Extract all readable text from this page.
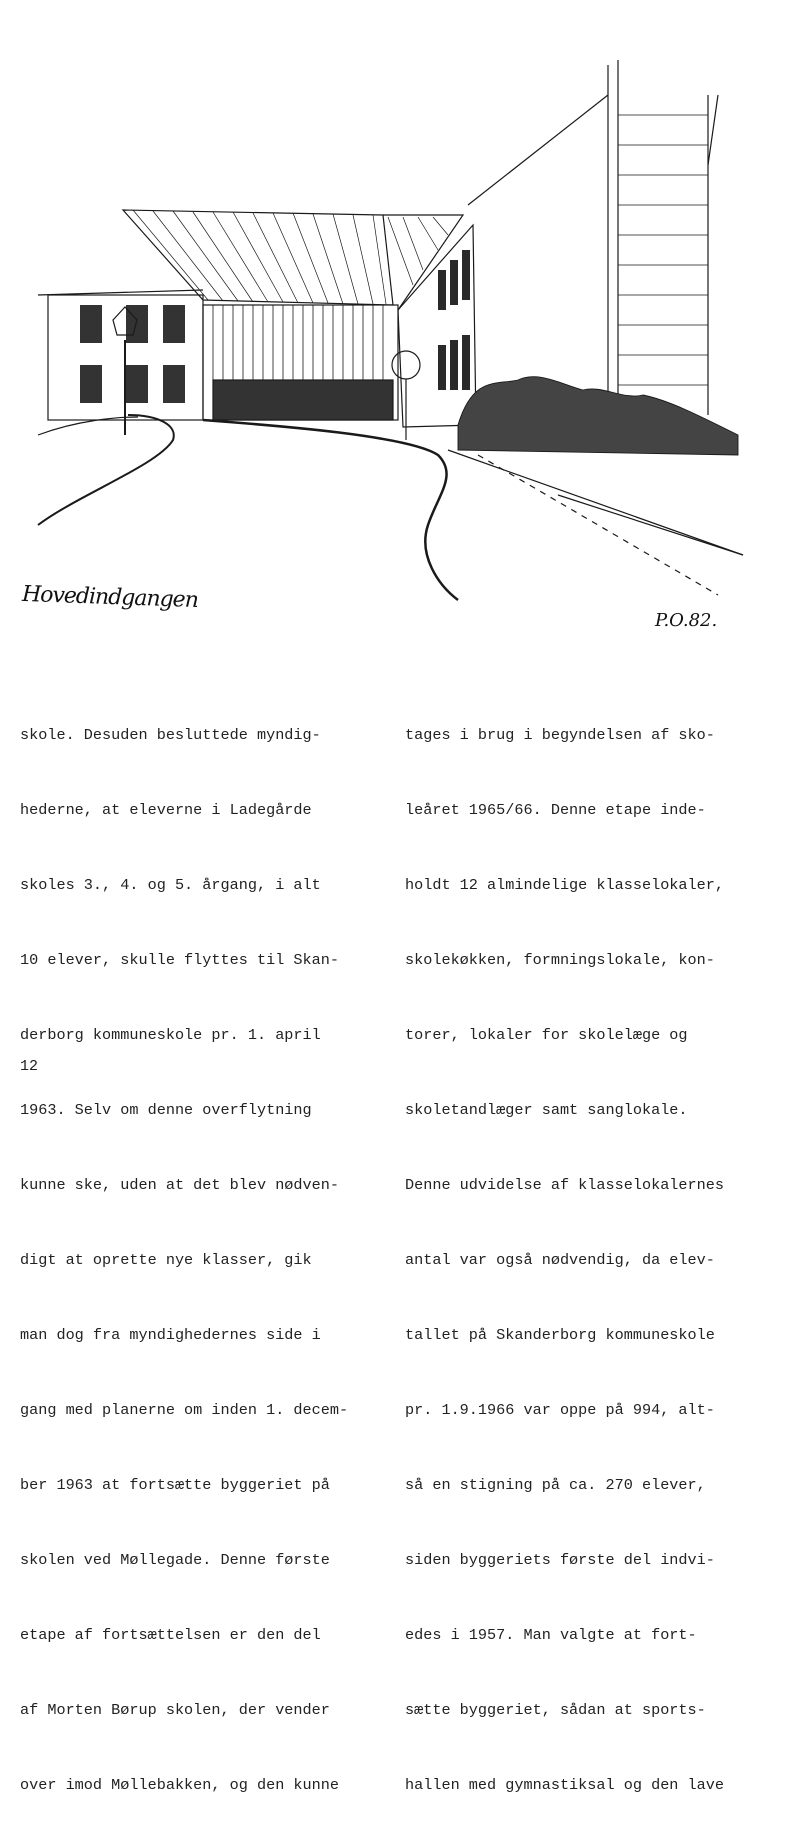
Hovedindgangen
P.O.82.

skole. Desuden besluttede myndig-

hederne, at eleverne i Ladegårde

skoles 3., 4. og 5. årgang, i alt

10 elever, skulle flyttes til Skan-

derborg kommuneskole pr. 1. april

1963. Selv om denne overflytning

kunne ske, uden at det blev nødven-

digt at oprette nye klasser, gik

man dog fra myndighedernes side i

gang med planerne om inden 1. decem-

ber 1963 at fortsætte byggeriet på

skolen ved Møllegade. Denne første

etape af fortsættelsen er den del

af Morten Børup skolen, der vender

over imod Møllebakken, og den kunne

tages i brug i begyndelsen af sko-

leåret 1965/66. Denne etape inde-

holdt 12 almindelige klasselokaler,

skolekøkken, formningslokale, kon-

torer, lokaler for skolelæge og

skoletandlæger samt sanglokale.

Denne udvidelse af klasselokalernes

antal var også nødvendig, da elev-

tallet på Skanderborg kommuneskole

pr. 1.9.1966 var oppe på 994, alt-

så en stigning på ca. 270 elever,

siden byggeriets første del indvi-

edes i 1957. Man valgte at fort-

sætte byggeriet, sådan at sports-

hallen med gymnastiksal og den lave

12
